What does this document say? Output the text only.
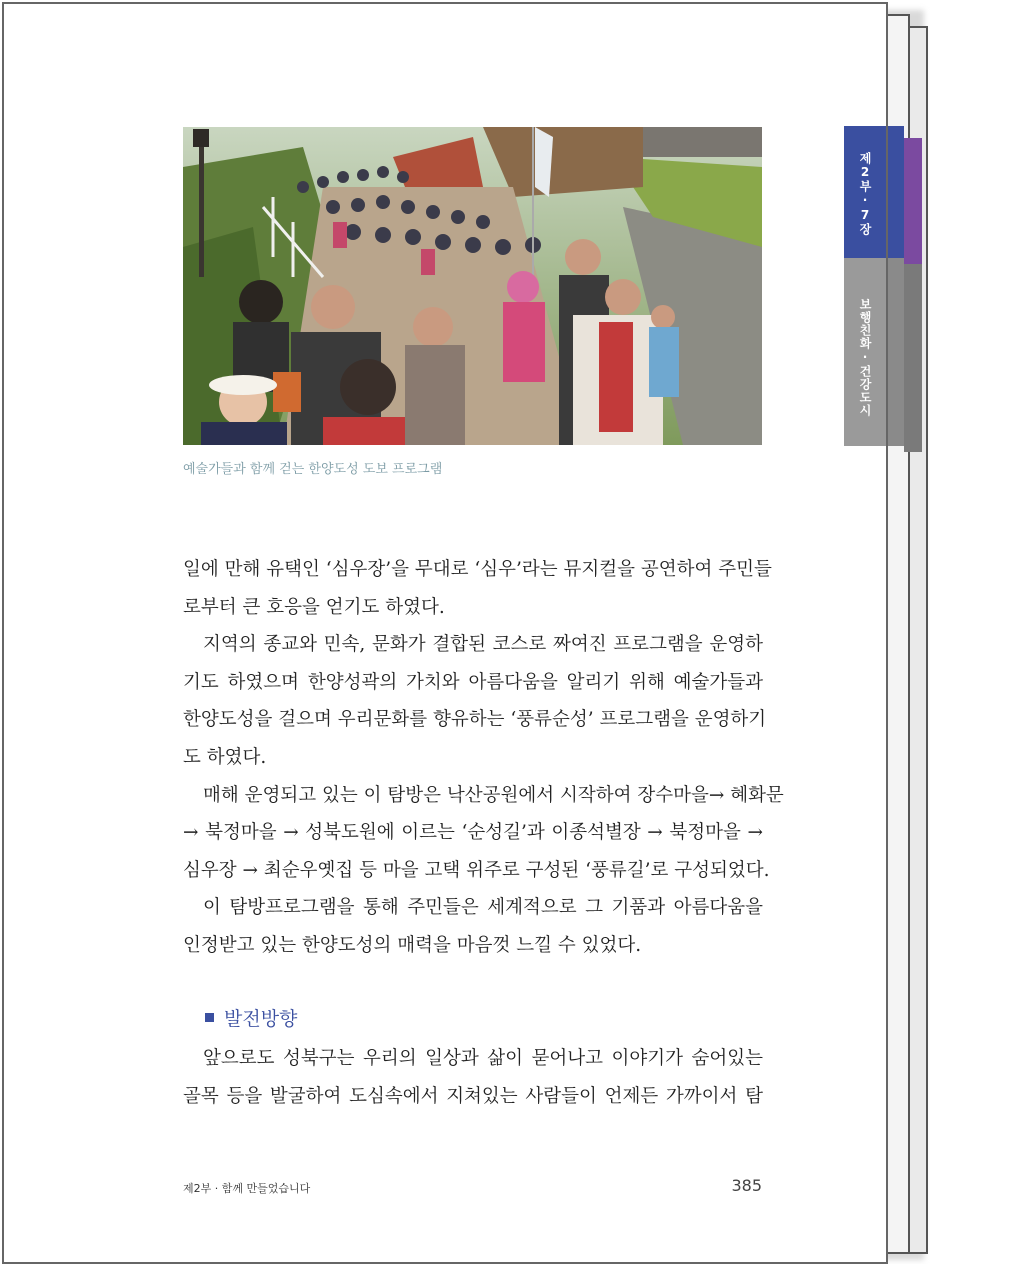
제2부·7장
보행친화·건강도시
예술가들과 함께 걷는 한양도성 도보 프로그램
일에 만해 유택인 ‘심우장’을 무대로 ‘심우’라는 뮤지컬을 공연하여 주민들
로부터 큰 호응을 얻기도 하였다.
지역의 종교와 민속, 문화가 결합된 코스로 짜여진 프로그램을 운영하
기도 하였으며 한양성곽의 가치와 아름다움을 알리기 위해 예술가들과
한양도성을 걸으며 우리문화를 향유하는 ‘풍류순성’ 프로그램을 운영하기
도 하였다.
매해 운영되고 있는 이 탐방은 낙산공원에서 시작하여 장수마을→ 혜화문
→ 북정마을 → 성북도원에 이르는 ‘순성길’과 이종석별장 → 북정마을 →
심우장 → 최순우옛집 등 마을 고택 위주로 구성된 ‘풍류길’로 구성되었다.
이 탐방프로그램을 통해 주민들은 세계적으로 그 기품과 아름다움을
인정받고 있는 한양도성의 매력을 마음껏 느낄 수 있었다.
발전방향
앞으로도 성북구는 우리의 일상과 삶이 묻어나고 이야기가 숨어있는
골목 등을 발굴하여 도심속에서 지쳐있는 사람들이 언제든 가까이서 탐
제2부 · 함께 만들었습니다	385
